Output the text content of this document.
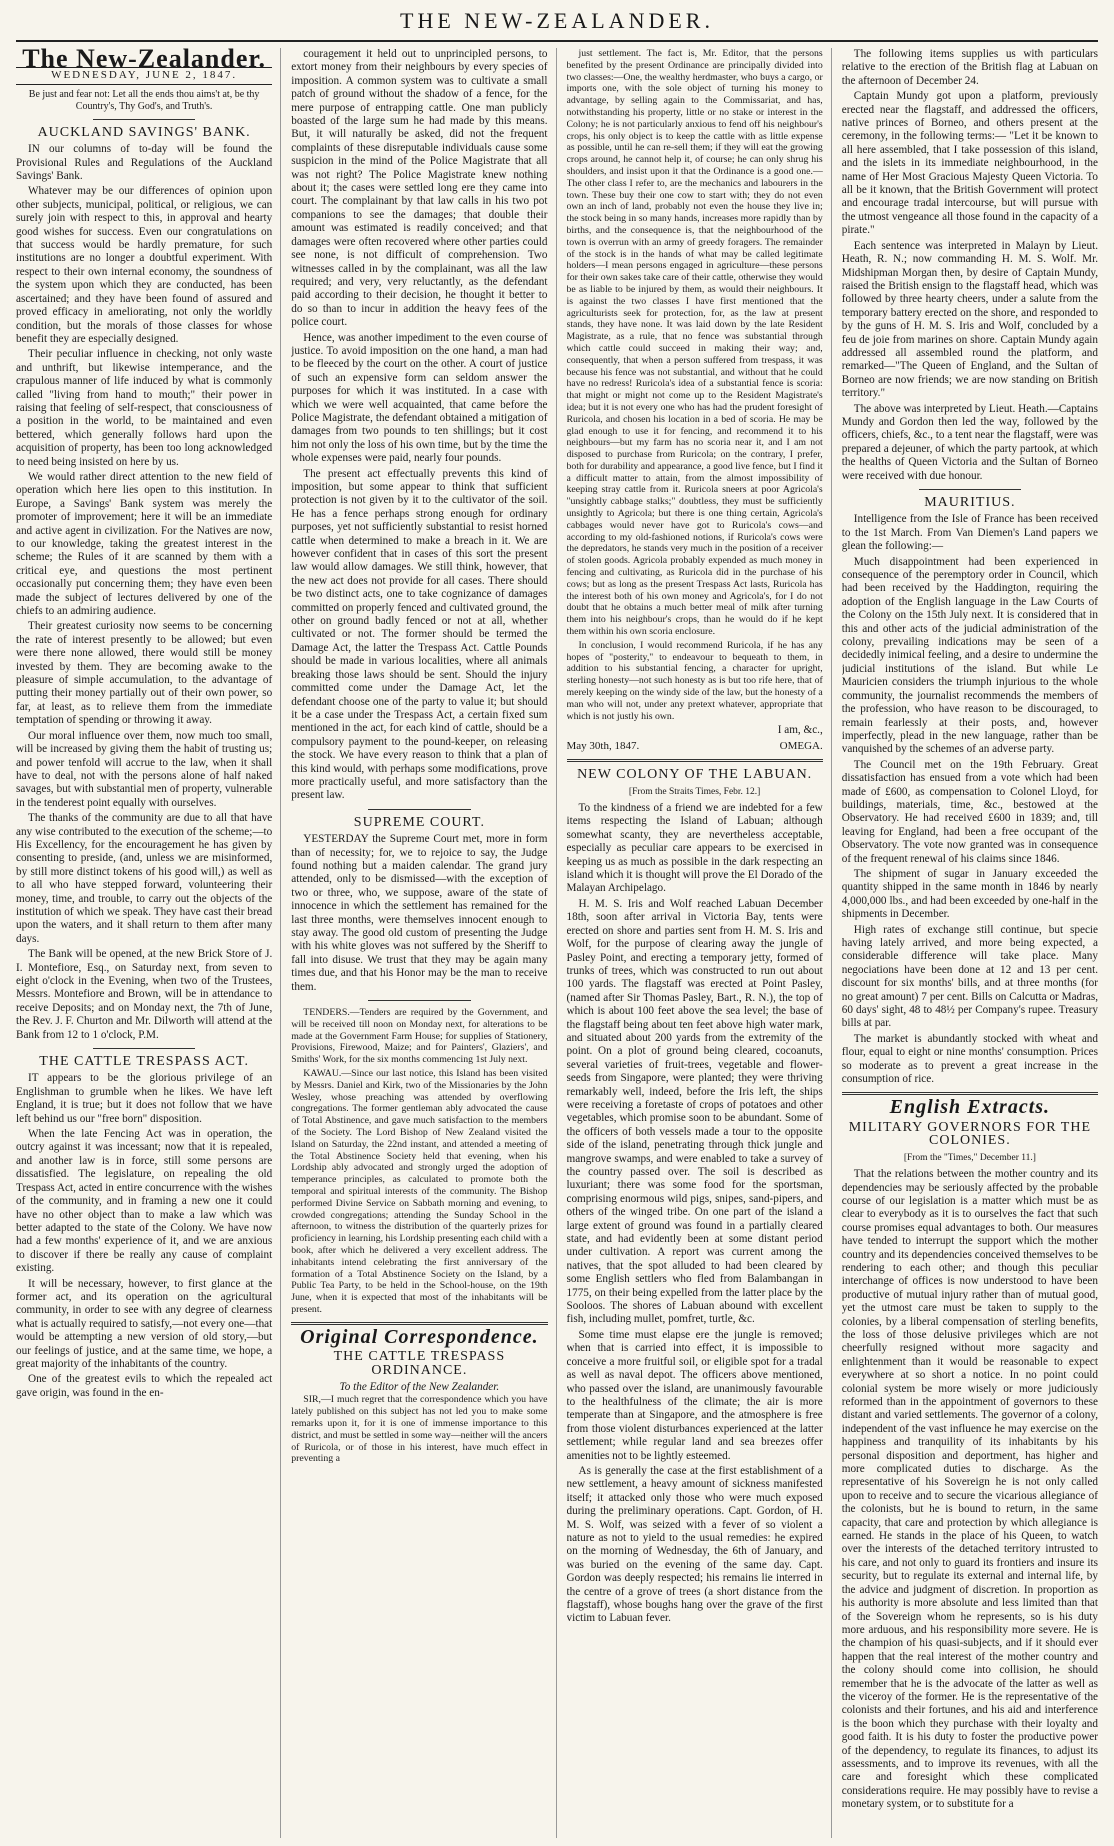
THE NEW-ZEALANDER.
The New-Zealander.
WEDNESDAY, JUNE 2, 1847.
Be just and fear not: Let all the ends thou aims't at, be thy Country's, Thy God's, and Truth's.
AUCKLAND SAVINGS' BANK.

IN our columns of to-day will be found the Provisional Rules and Regulations of the Auckland Savings' Bank.

Whatever may be our differences of opinion upon other subjects, municipal, political, or religious, we can surely join with respect to this, in approval and hearty good wishes for success. Even our congratulations on that success would be hardly premature, for such institutions are no longer a doubtful experiment. With respect to their own internal economy, the soundness of the system upon which they are conducted, has been ascertained; and they have been found of assured and proved efficacy in ameliorating, not only the worldly condition, but the morals of those classes for whose benefit they are especially designed.

Their peculiar influence in checking, not only waste and unthrift, but likewise intemperance, and the crapulous manner of life induced by what is commonly called "living from hand to mouth;" their power in raising that feeling of self-respect, that consciousness of a position in the world, to be maintained and even bettered, which generally follows hard upon the acquisition of property, has been too long acknowledged to need being insisted on here by us.

We would rather direct attention to the new field of operation which here lies open to this institution. In Europe, a Savings' Bank system was merely the promoter of improvement; here it will be an immediate and active agent in civilization. For the Natives are now, to our knowledge, taking the greatest interest in the scheme; the Rules of it are scanned by them with a critical eye, and questions the most pertinent occasionally put concerning them; they have even been made the subject of lectures delivered by one of the chiefs to an admiring audience.

Their greatest curiosity now seems to be concerning the rate of interest presently to be allowed; but even were there none allowed, there would still be money invested by them. They are becoming awake to the pleasure of simple accumulation, to the advantage of putting their money partially out of their own power, so far, at least, as to relieve them from the immediate temptation of spending or throwing it away.

Our moral influence over them, now much too small, will be increased by giving them the habit of trusting us; and power tenfold will accrue to the law, when it shall have to deal, not with the persons alone of half naked savages, but with substantial men of property, vulnerable in the tenderest point equally with ourselves.

The thanks of the community are due to all that have any wise contributed to the execution of the scheme;—to His Excellency, for the encouragement he has given by consenting to preside, (and, unless we are misinformed, by still more distinct tokens of his good will,) as well as to all who have stepped forward, volunteering their money, time, and trouble, to carry out the objects of the institution of which we speak. They have cast their bread upon the waters, and it shall return to them after many days.

The Bank will be opened, at the new Brick Store of J. I. Montefiore, Esq., on Saturday next, from seven to eight o'clock in the Evening, when two of the Trustees, Messrs. Montefiore and Brown, will be in attendance to receive Deposits; and on Monday next, the 7th of June, the Rev. J. F. Churton and Mr. Dilworth will attend at the Bank from 12 to 1 o'clock, P.M.

THE CATTLE TRESPASS ACT.

IT appears to be the glorious privilege of an Englishman to grumble when he likes. We have left England, it is true; but it does not follow that we have left behind us our "free born" disposition.

When the late Fencing Act was in operation, the outcry against it was incessant; now that it is repealed, and another law is in force, still some persons are dissatisfied. The legislature, on repealing the old Trespass Act, acted in entire concurrence with the wishes of the community, and in framing a new one it could have no other object than to make a law which was better adapted to the state of the Colony. We have now had a few months' experience of it, and we are anxious to discover if there be really any cause of complaint existing.

It will be necessary, however, to first glance at the former act, and its operation on the agricultural community, in order to see with any degree of clearness what is actually required to satisfy,—not every one—that would be attempting a new version of old story,—but our feelings of justice, and at the same time, we hope, a great majority of the inhabitants of the country.

One of the greatest evils to which the repealed act gave origin, was found in the en-

couragement it held out to unprincipled persons, to extort money from their neighbours by every species of imposition. A common system was to cultivate a small patch of ground without the shadow of a fence, for the mere purpose of entrapping cattle. One man publicly boasted of the large sum he had made by this means. But, it will naturally be asked, did not the frequent complaints of these disreputable individuals cause some suspicion in the mind of the Police Magistrate that all was not right? The Police Magistrate knew nothing about it; the cases were settled long ere they came into court. The complainant by that law calls in his two pot companions to see the damages; that double their amount was estimated is readily conceived; and that damages were often recovered where other parties could see none, is not difficult of comprehension. Two witnesses called in by the complainant, was all the law required; and very, very reluctantly, as the defendant paid according to their decision, he thought it better to do so than to incur in addition the heavy fees of the police court.

Hence, was another impediment to the even course of justice. To avoid imposition on the one hand, a man had to be fleeced by the court on the other. A court of justice of such an expensive form can seldom answer the purposes for which it was instituted. In a case with which we were well acquainted, that came before the Police Magistrate, the defendant obtained a mitigation of damages from two pounds to ten shillings; but it cost him not only the loss of his own time, but by the time the whole expenses were paid, nearly four pounds.

The present act effectually prevents this kind of imposition, but some appear to think that sufficient protection is not given by it to the cultivator of the soil. He has a fence perhaps strong enough for ordinary purposes, yet not sufficiently substantial to resist horned cattle when determined to make a breach in it. We are however confident that in cases of this sort the present law would allow damages. We still think, however, that the new act does not provide for all cases. There should be two distinct acts, one to take cognizance of damages committed on properly fenced and cultivated ground, the other on ground badly fenced or not at all, whether cultivated or not. The former should be termed the Damage Act, the latter the Trespass Act. Cattle Pounds should be made in various localities, where all animals breaking those laws should be sent. Should the injury committed come under the Damage Act, let the defendant choose one of the party to value it; but should it be a case under the Trespass Act, a certain fixed sum mentioned in the act, for each kind of cattle, should be a compulsory payment to the pound-keeper, on releasing the stock. We have every reason to think that a plan of this kind would, with perhaps some modifications, prove more practically useful, and more satisfactory than the present law.

SUPREME COURT.

YESTERDAY the Supreme Court met, more in form than of necessity; for, we to rejoice to say, the Judge found nothing but a maiden calendar. The grand jury attended, only to be dismissed—with the exception of two or three, who, we suppose, aware of the state of innocence in which the settlement has remained for the last three months, were themselves innocent enough to stay away. The good old custom of presenting the Judge with his white gloves was not suffered by the Sheriff to fall into disuse. We trust that they may be again many times due, and that his Honor may be the man to receive them.

TENDERS.—Tenders are required by the Government, and will be received till noon on Monday next, for alterations to be made at the Government Farm House; for supplies of Stationery, Provisions, Firewood, Maize; and for Painters', Glaziers', and Smiths' Work, for the six months commencing 1st July next.

KAWAU.—Since our last notice, this Island has been visited by Messrs. Daniel and Kirk, two of the Missionaries by the John Wesley, whose preaching was attended by overflowing congregations. The former gentleman ably advocated the cause of Total Abstinence, and gave much satisfaction to the members of the Society. The Lord Bishop of New Zealand visited the Island on Saturday, the 22nd instant, and attended a meeting of the Total Abstinence Society held that evening, when his Lordship ably advocated and strongly urged the adoption of temperance principles, as calculated to promote both the temporal and spiritual interests of the community. The Bishop performed Divine Service on Sabbath morning and evening, to crowded congregations; attending the Sunday School in the afternoon, to witness the distribution of the quarterly prizes for proficiency in learning, his Lordship presenting each child with a book, after which he delivered a very excellent address. The inhabitants intend celebrating the first anniversary of the formation of a Total Abstinence Society on the Island, by a Public Tea Party, to be held in the School-house, on the 19th June, when it is expected that most of the inhabitants will be present.

Original Correspondence.
THE CATTLE TRESPASS ORDINANCE.
To the Editor of the New Zealander.

SIR,—I much regret that the correspondence which you have lately published on this subject has not led you to make some remarks upon it, for it is one of immense importance to this district, and must be settled in some way—neither will the ancers of Ruricola, or of those in his interest, have much effect in preventing a

just settlement. The fact is, Mr. Editor, that the persons benefited by the present Ordinance are principally divided into two classes:—One, the wealthy herdmaster, who buys a cargo, or imports one, with the sole object of turning his money to advantage, by selling again to the Commissariat, and has, notwithstanding his property, little or no stake or interest in the Colony; he is not particularly anxious to fend off his neighbour's crops, his only object is to keep the cattle with as little expense as possible, until he can re-sell them; if they will eat the growing crops around, he cannot help it, of course; he can only shrug his shoulders, and insist upon it that the Ordinance is a good one.—The other class I refer to, are the mechanics and labourers in the town. These buy their one cow to start with; they do not even own an inch of land, probably not even the house they live in; the stock being in so many hands, increases more rapidly than by births, and the consequence is, that the neighbourhood of the town is overrun with an army of greedy foragers. The remainder of the stock is in the hands of what may be called legitimate holders—I mean persons engaged in agriculture—these persons for their own sakes take care of their cattle, otherwise they would be as liable to be injured by them, as would their neighbours. It is against the two classes I have first mentioned that the agriculturists seek for protection, for, as the law at present stands, they have none. It was laid down by the late Resident Magistrate, as a rule, that no fence was substantial through which cattle could succeed in making their way; and, consequently, that when a person suffered from trespass, it was because his fence was not substantial, and without that he could have no redress! Ruricola's idea of a substantial fence is scoria: that might or might not come up to the Resident Magistrate's idea; but it is not every one who has had the prudent foresight of Ruricola, and chosen his location in a bed of scoria. He may be glad enough to use it for fencing, and recommend it to his neighbours—but my farm has no scoria near it, and I am not disposed to purchase from Ruricola; on the contrary, I prefer, both for durability and appearance, a good live fence, but I find it a difficult matter to attain, from the almost impossibility of keeping stray cattle from it. Ruricola sneers at poor Agricola's "unsightly cabbage stalks;" doubtless, they must be sufficiently unsightly to Agricola; but there is one thing certain, Agricola's cabbages would never have got to Ruricola's cows—and according to my old-fashioned notions, if Ruricola's cows were the depredators, he stands very much in the position of a receiver of stolen goods. Agricola probably expended as much money in fencing and cultivating, as Ruricola did in the purchase of his cows; but as long as the present Trespass Act lasts, Ruricola has the interest both of his own money and Agricola's, for I do not doubt that he obtains a much better meal of milk after turning them into his neighbour's crops, than he would do if he kept them within his own scoria enclosure.

In conclusion, I would recommend Ruricola, if he has any hopes of "posterity," to endeavour to bequeath to them, in addition to his substantial fencing, a character for upright, sterling honesty—not such honesty as is but too rife here, that of merely keeping on the windy side of the law, but the honesty of a man who will not, under any pretext whatever, appropriate that which is not justly his own.

I am, &c.,
May 30th, 1847.	OMEGA.
NEW COLONY OF THE LABUAN.
[From the Straits Times, Febr. 12.]

To the kindness of a friend we are indebted for a few items respecting the Island of Labuan; although somewhat scanty, they are nevertheless acceptable, especially as peculiar care appears to be exercised in keeping us as much as possible in the dark respecting an island which it is thought will prove the El Dorado of the Malayan Archipelago.

H. M. S. Iris and Wolf reached Labuan December 18th, soon after arrival in Victoria Bay, tents were erected on shore and parties sent from H. M. S. Iris and Wolf, for the purpose of clearing away the jungle of Pasley Point, and erecting a temporary jetty, formed of trunks of trees, which was constructed to run out about 100 yards. The flagstaff was erected at Point Pasley, (named after Sir Thomas Pasley, Bart., R. N.), the top of which is about 100 feet above the sea level; the base of the flagstaff being about ten feet above high water mark, and situated about 200 yards from the extremity of the point. On a plot of ground being cleared, cocoanuts, several varieties of fruit-trees, vegetable and flower-seeds from Singapore, were planted; they were thriving remarkably well, indeed, before the Iris left, the ships were receiving a foretaste of crops of potatoes and other vegetables, which promise soon to be abundant. Some of the officers of both vessels made a tour to the opposite side of the island, penetrating through thick jungle and mangrove swamps, and were enabled to take a survey of the country passed over. The soil is described as luxuriant; there was some food for the sportsman, comprising enormous wild pigs, snipes, sand-pipers, and others of the winged tribe. On one part of the island a large extent of ground was found in a partially cleared state, and had evidently been at some distant period under cultivation. A report was current among the natives, that the spot alluded to had been cleared by some English settlers who fled from Balambangan in 1775, on their being expelled from the latter place by the Sooloos. The shores of Labuan abound with excellent fish, including mullet, pomfret, turtle, &c.

Some time must elapse ere the jungle is removed; when that is carried into effect, it is impossible to conceive a more fruitful soil, or eligible spot for a tradal as well as naval depot. The officers above mentioned, who passed over the island, are unanimously favourable to the healthfulness of the climate; the air is more temperate than at Singapore, and the atmosphere is free from those violent disturbances experienced at the latter settlement; while regular land and sea breezes offer amenities not to be lightly esteemed.

As is generally the case at the first establishment of a new settlement, a heavy amount of sickness manifested itself; it attacked only those who were much exposed during the preliminary operations. Capt. Gordon, of H. M. S. Wolf, was seized with a fever of so violent a nature as not to yield to the usual remedies: he expired on the morning of Wednesday, the 6th of January, and was buried on the evening of the same day. Capt. Gordon was deeply respected; his remains lie interred in the centre of a grove of trees (a short distance from the flagstaff), whose boughs hang over the grave of the first victim to Labuan fever.

The following items supplies us with particulars relative to the erection of the British flag at Labuan on the afternoon of December 24.

Captain Mundy got upon a platform, previously erected near the flagstaff, and addressed the officers, native princes of Borneo, and others present at the ceremony, in the following terms:— "Let it be known to all here assembled, that I take possession of this island, and the islets in its immediate neighbourhood, in the name of Her Most Gracious Majesty Queen Victoria. To all be it known, that the British Government will protect and encourage tradal intercourse, but will pursue with the utmost vengeance all those found in the capacity of a pirate."

Each sentence was interpreted in Malayn by Lieut. Heath, R. N.; now commanding H. M. S. Wolf. Mr. Midshipman Morgan then, by desire of Captain Mundy, raised the British ensign to the flagstaff head, which was followed by three hearty cheers, under a salute from the temporary battery erected on the shore, and responded to by the guns of H. M. S. Iris and Wolf, concluded by a feu de joie from marines on shore. Captain Mundy again addressed all assembled round the platform, and remarked—"The Queen of England, and the Sultan of Borneo are now friends; we are now standing on British territory."

The above was interpreted by Lieut. Heath.—Captains Mundy and Gordon then led the way, followed by the officers, chiefs, &c., to a tent near the flagstaff, were was prepared a dejeuner, of which the party partook, at which the healths of Queen Victoria and the Sultan of Borneo were received with due honour.

MAURITIUS.

Intelligence from the Isle of France has been received to the 1st March. From Van Diemen's Land papers we glean the following:—

Much disappointment had been experienced in consequence of the peremptory order in Council, which had been received by the Haddington, requiring the adoption of the English language in the Law Courts of the Colony on the 15th July next. It is considered that in this and other acts of the judicial administration of the colony, prevailing indications may be seen of a decidedly inimical feeling, and a desire to undermine the judicial institutions of the island. But while Le Mauricien considers the triumph injurious to the whole community, the journalist recommends the members of the profession, who have reason to be discouraged, to remain fearlessly at their posts, and, however imperfectly, plead in the new language, rather than be vanquished by the schemes of an adverse party.

The Council met on the 19th February. Great dissatisfaction has ensued from a vote which had been made of £600, as compensation to Colonel Lloyd, for buildings, materials, time, &c., bestowed at the Observatory. He had received £600 in 1839; and, till leaving for England, had been a free occupant of the Observatory. The vote now granted was in consequence of the frequent renewal of his claims since 1846.

The shipment of sugar in January exceeded the quantity shipped in the same month in 1846 by nearly 4,000,000 lbs., and had been exceeded by one-half in the shipments in December.

High rates of exchange still continue, but specie having lately arrived, and more being expected, a considerable difference will take place. Many negociations have been done at 12 and 13 per cent. discount for six months' bills, and at three months (for no great amount) 7 per cent. Bills on Calcutta or Madras, 60 days' sight, 48 to 48½ per Company's rupee. Treasury bills at par.

The market is abundantly stocked with wheat and flour, equal to eight or nine months' consumption. Prices so moderate as to prevent a great increase in the consumption of rice.

English Extracts.
MILITARY GOVERNORS FOR THE COLONIES.
[From the "Times," December 11.]

That the relations between the mother country and its dependencies may be seriously affected by the probable course of our legislation is a matter which must be as clear to everybody as it is to ourselves the fact that such course promises equal advantages to both. Our measures have tended to interrupt the support which the mother country and its dependencies conceived themselves to be rendering to each other; and though this peculiar interchange of offices is now understood to have been productive of mutual injury rather than of mutual good, yet the utmost care must be taken to supply to the colonies, by a liberal compensation of sterling benefits, the loss of those delusive privileges which are not cheerfully resigned without more sagacity and enlightenment than it would be reasonable to expect everywhere at so short a notice. In no point could colonial system be more wisely or more judiciously reformed than in the appointment of governors to these distant and varied settlements. The governor of a colony, independent of the vast influence he may exercise on the happiness and tranquility of its inhabitants by his personal disposition and deportment, has higher and more complicated duties to discharge. As the representative of his Sovereign he is not only called upon to receive and to secure the vicarious allegiance of the colonists, but he is bound to return, in the same capacity, that care and protection by which allegiance is earned. He stands in the place of his Queen, to watch over the interests of the detached territory intrusted to his care, and not only to guard its frontiers and insure its security, but to regulate its external and internal life, by the advice and judgment of discretion. In proportion as his authority is more absolute and less limited than that of the Sovereign whom he represents, so is his duty more arduous, and his responsibility more severe. He is the champion of his quasi-subjects, and if it should ever happen that the real interest of the mother country and the colony should come into collision, he should remember that he is the advocate of the latter as well as the viceroy of the former. He is the representative of the colonists and their fortunes, and his aid and interference is the boon which they purchase with their loyalty and good faith. It is his duty to foster the productive power of the dependency, to regulate its finances, to adjust its assessments, and to improve its revenues, with all the care and foresight which these complicated considerations require. He may possibly have to revise a monetary system, or to substitute for a
